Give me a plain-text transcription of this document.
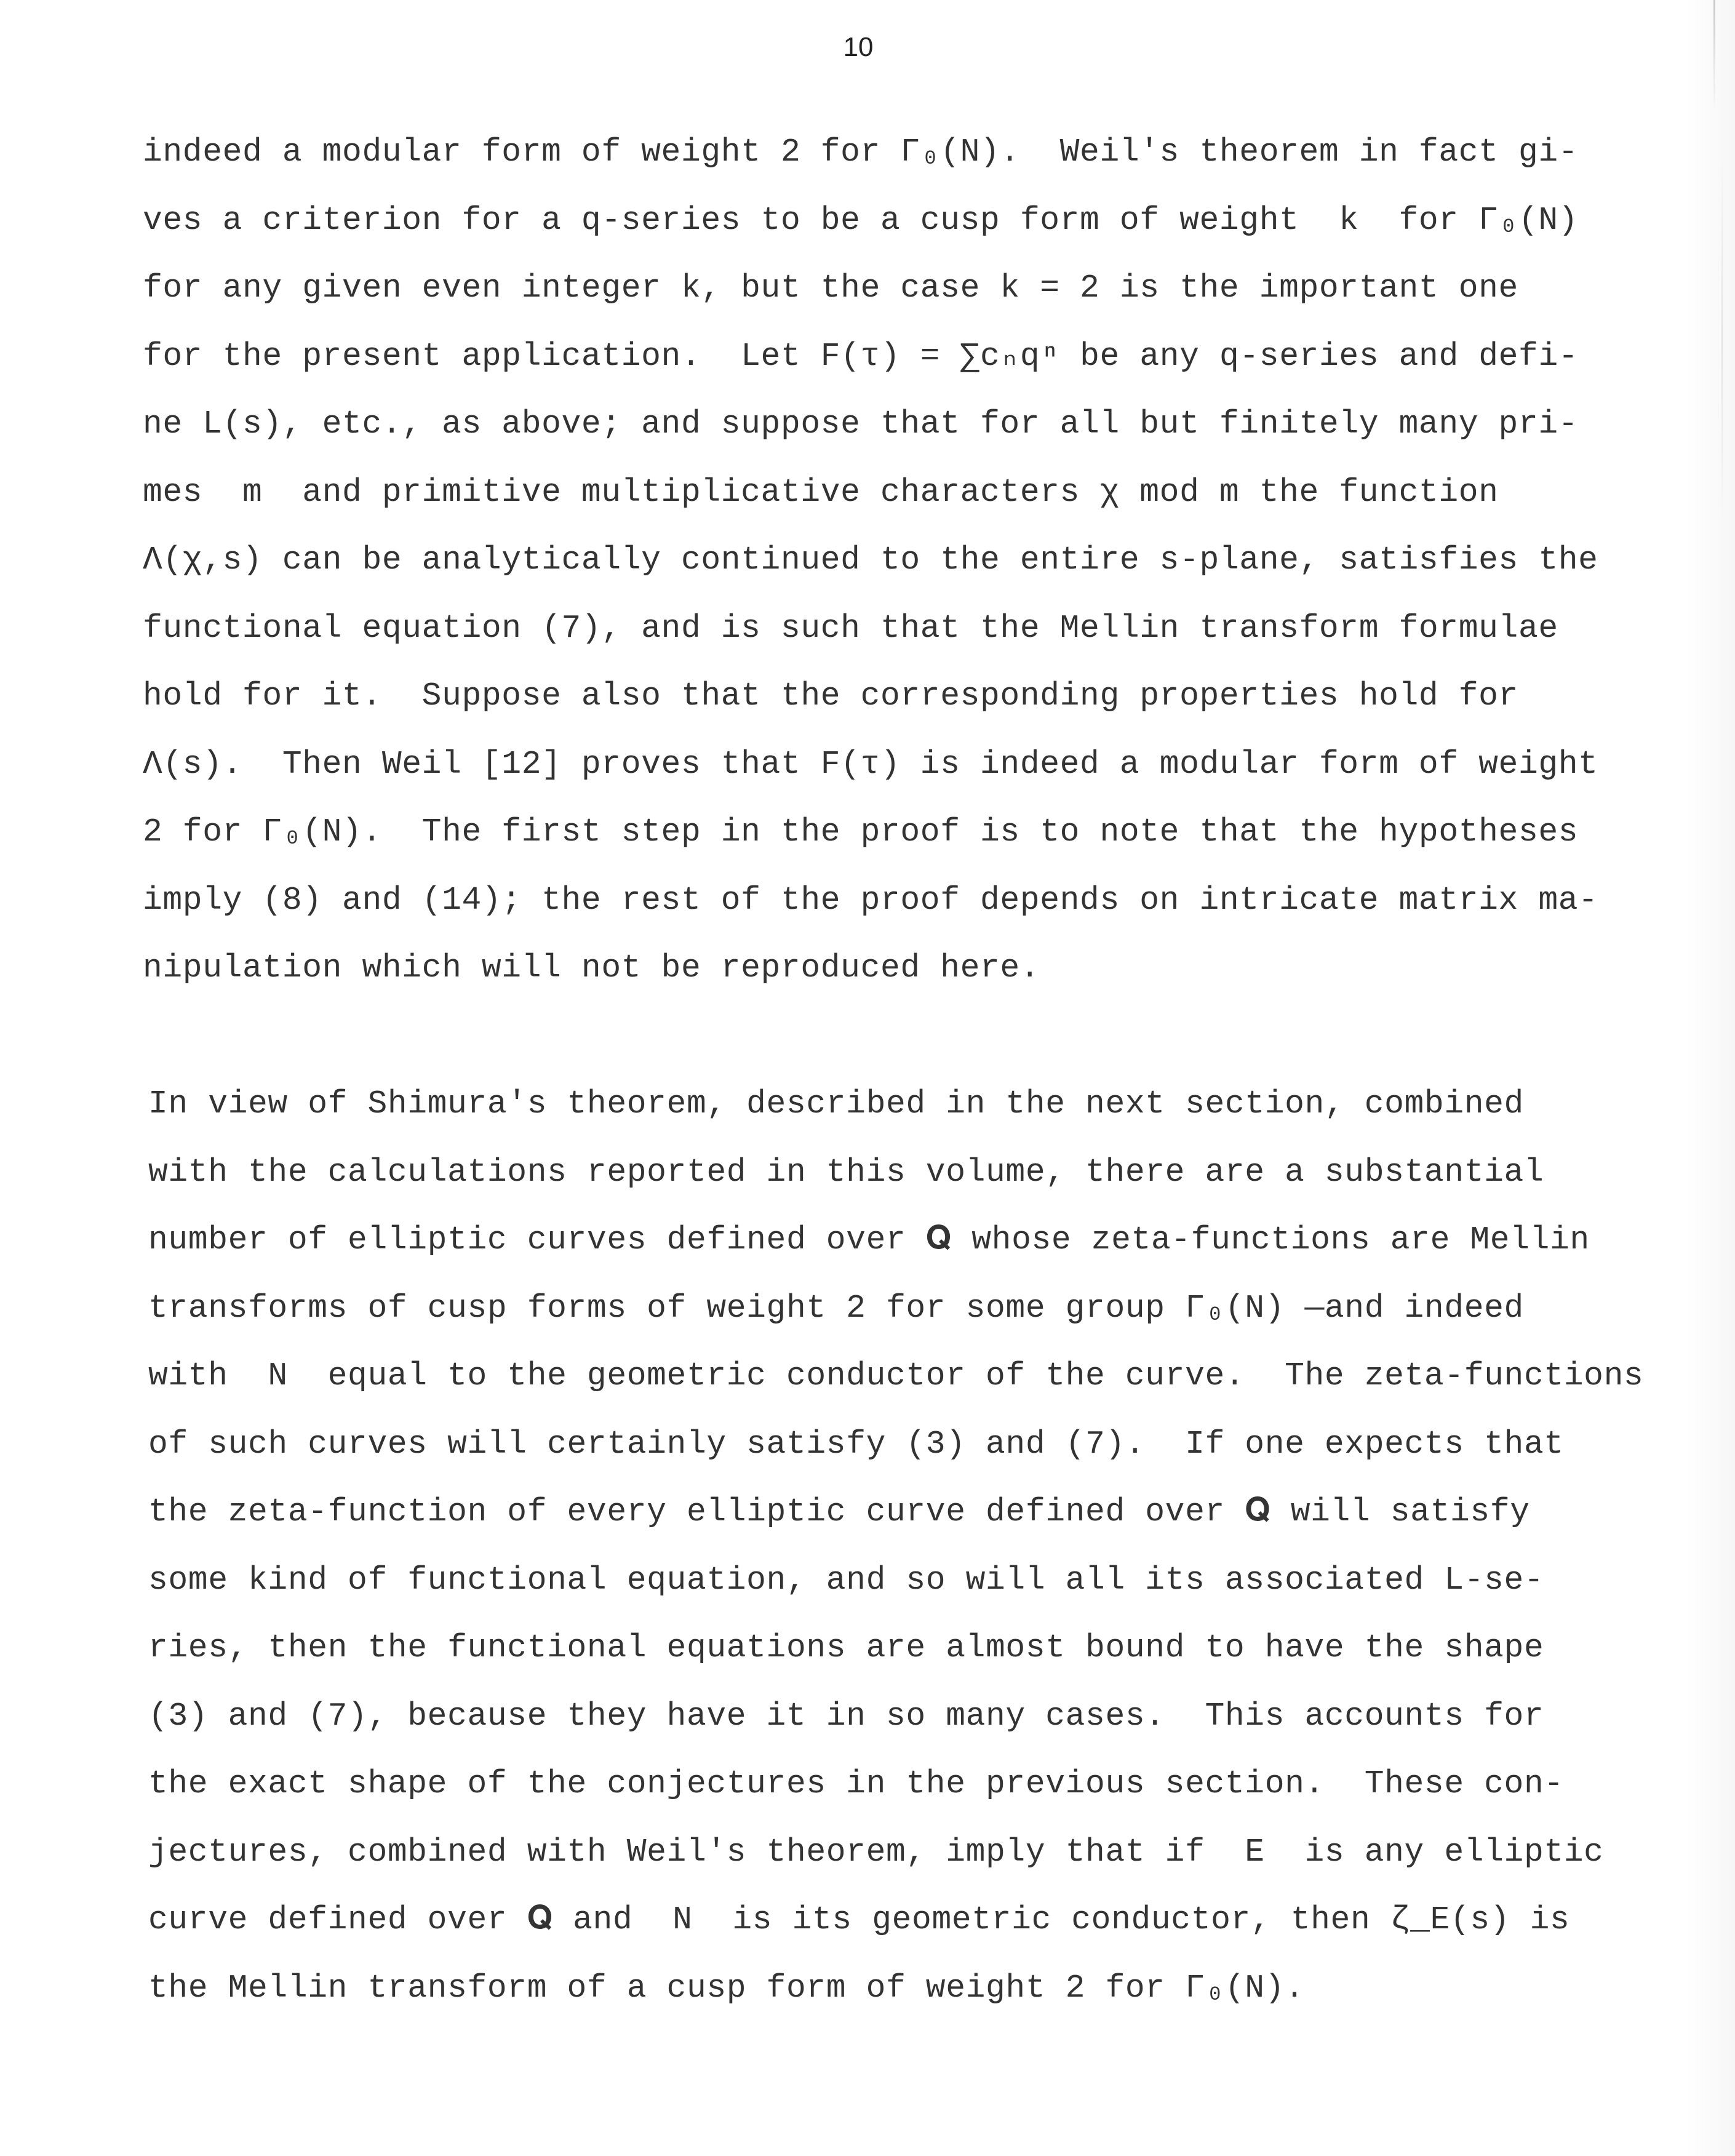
10
indeed a modular form of weight 2 for Γ₀(N).  Weil's theorem in fact gi-
ves a criterion for a q-series to be a cusp form of weight  k  for Γ₀(N)
for any given even integer k, but the case k = 2 is the important one
for the present application.  Let F(τ) = ∑cₙqⁿ be any q-series and defi-
ne L(s), etc., as above; and suppose that for all but finitely many pri-
mes  m  and primitive multiplicative characters χ mod m the function
Λ(χ,s) can be analytically continued to the entire s-plane, satisfies the
functional equation (7), and is such that the Mellin transform formulae
hold for it.  Suppose also that the corresponding properties hold for
Λ(s).  Then Weil [12] proves that F(τ) is indeed a modular form of weight
2 for Γ₀(N).  The first step in the proof is to note that the hypotheses
imply (8) and (14); the rest of the proof depends on intricate matrix ma-
nipulation which will not be reproduced here.
In view of Shimura's theorem, described in the next section, combined
with the calculations reported in this volume, there are a substantial
number of elliptic curves defined over 𝐐 whose zeta-functions are Mellin
transforms of cusp forms of weight 2 for some group Γ₀(N) —and indeed
with  N  equal to the geometric conductor of the curve.  The zeta-functions
of such curves will certainly satisfy (3) and (7).  If one expects that
the zeta-function of every elliptic curve defined over 𝐐 will satisfy
some kind of functional equation, and so will all its associated L-se-
ries, then the functional equations are almost bound to have the shape
(3) and (7), because they have it in so many cases.  This accounts for
the exact shape of the conjectures in the previous section.  These con-
jectures, combined with Weil's theorem, imply that if  E  is any elliptic
curve defined over 𝐐 and  N  is its geometric conductor, then ζ_E(s) is
the Mellin transform of a cusp form of weight 2 for Γ₀(N).
